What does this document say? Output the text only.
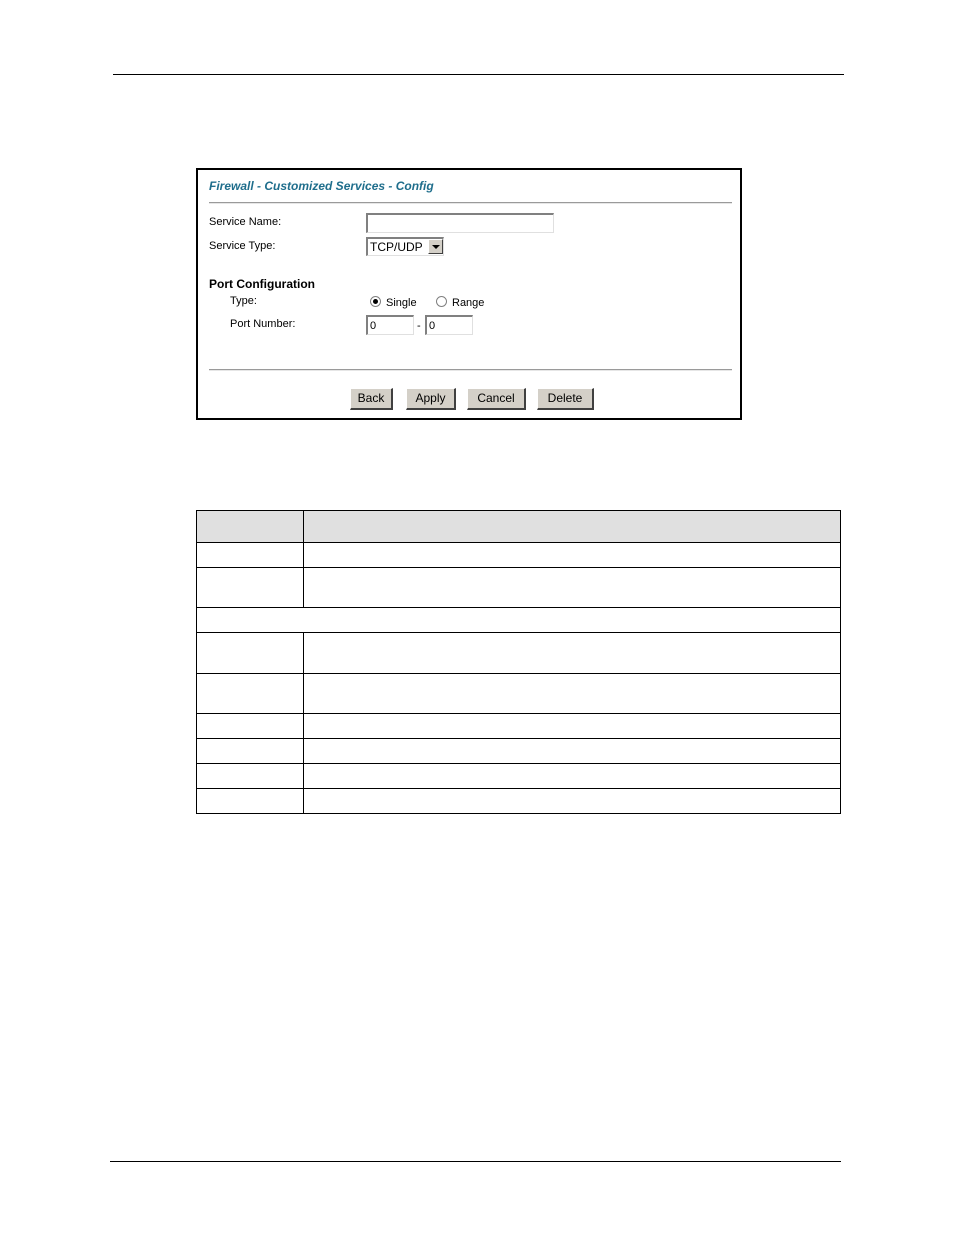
Firewall - Customized Services - Config
Service Name:
Service Type:	TCP/UDP
Port Configuration
Type:	Single	Range
Port Number:	0	- 0
Back	Apply	Cancel	Delete
